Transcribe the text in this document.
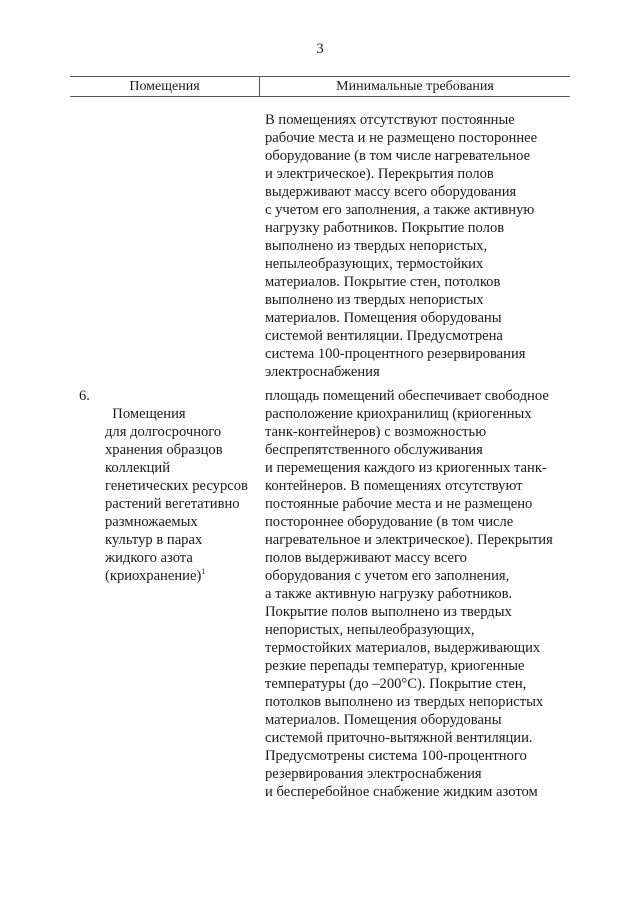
3
Помещения	Минимальные требования
В помещениях отсутствуют постоянные
рабочие места и не размещено постороннее
оборудование (в том числе нагревательное
и электрическое). Перекрытия полов
выдерживают массу всего оборудования
с учетом его заполнения, а также активную
нагрузку работников. Покрытие полов
выполнено из твердых непористых,
непылеобразующих, термостойких
материалов. Покрытие стен, потолков
выполнено из твердых непористых
материалов. Помещения оборудованы
системой вентиляции. Предусмотрена
система 100-процентного резервирования
электроснабжения
6.

Помещения
для долгосрочного
хранения образцов
коллекций
генетических ресурсов
растений вегетативно
размножаемых
культур в парах
жидкого азота
(криохранение)$^1$

площадь помещений обеспечивает свободное
расположение криохранилищ (криогенных
танк-контейнеров) с возможностью
беспрепятственного обслуживания
и перемещения каждого из криогенных танк-
контейнеров. В помещениях отсутствуют
постоянные рабочие места и не размещено
постороннее оборудование (в том числе
нагревательное и электрическое). Перекрытия
полов выдерживают массу всего
оборудования с учетом его заполнения,
а также активную нагрузку работников.
Покрытие полов выполнено из твердых
непористых, непылеобразующих,
термостойких материалов, выдерживающих
резкие перепады температур, криогенные
температуры (до –200°C). Покрытие стен,
потолков выполнено из твердых непористых
материалов. Помещения оборудованы
системой приточно-вытяжной вентиляции.
Предусмотрены система 100-процентного
резервирования электроснабжения
и бесперебойное снабжение жидким азотом
